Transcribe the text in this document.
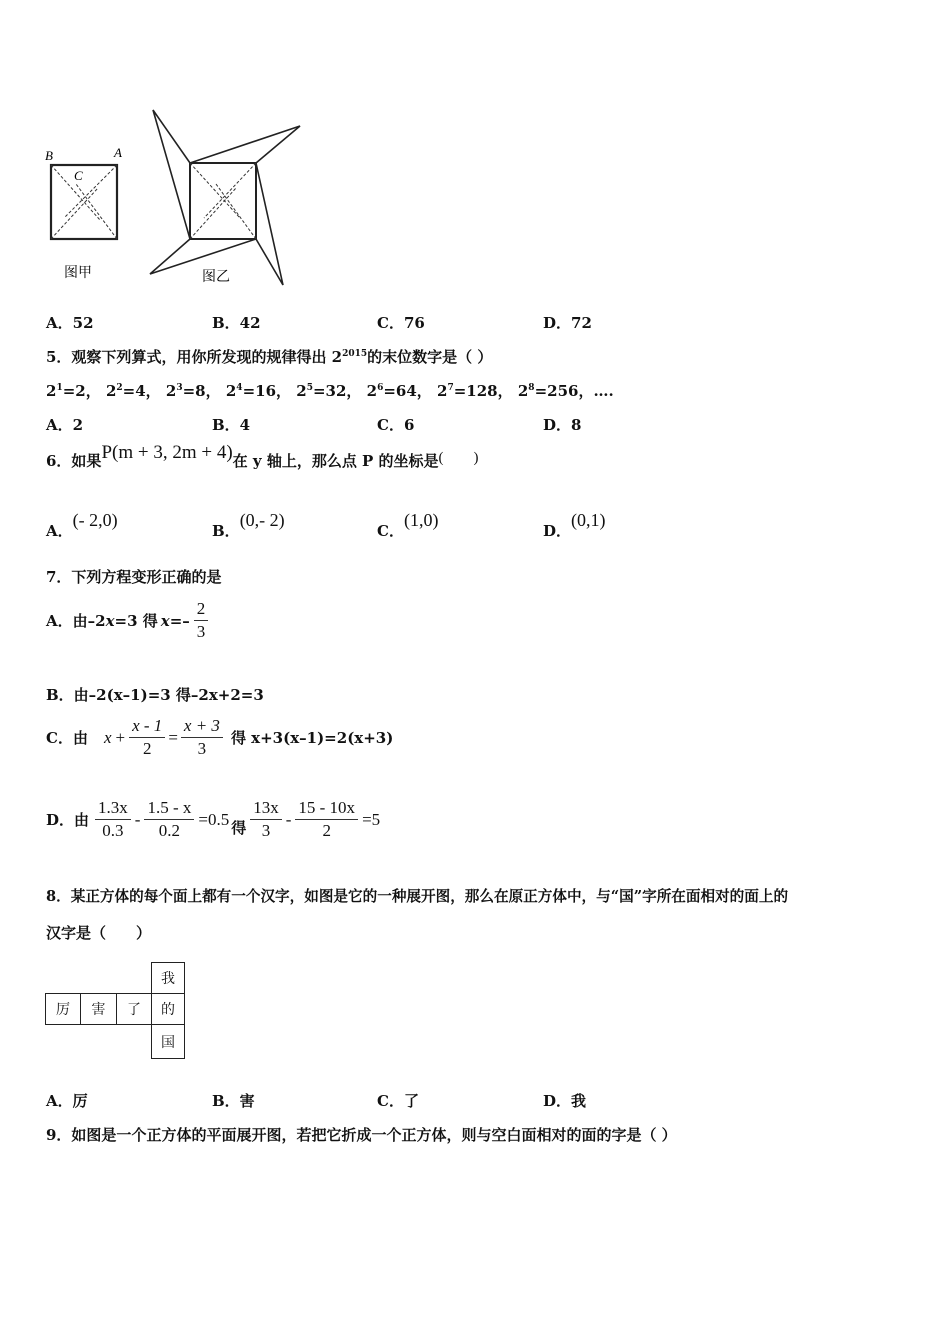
B	A
C
图甲	图乙
A．52	B．42	C．76	D．72
5．观察下列算式，用你所发现的规律得出 $2^{2015}$的末位数字是（ ）
$2^1=2$， $2^2=4$， $2^3=8$， $2^4=16$， $2^5=32$， $2^6=64$， $2^7=128$， $2^8=256$，….
A．2	B．4	C．6	D．8
6．如果P(m + 3, 2m + 4)在 y 轴上，那么点 P 的坐标是(　　)
A．(- 2,0)
B．(0,- 2)
C．(1,0)
D．(0,1)
7．下列方程变形正确的是
A．由–2 x =3 得 $x =- \frac{2}{3}$
B．由–2(x–1)=3 得–2x+2=3
C．由 $x + \frac{x - 1}{2} = \frac{x + 3}{3}$ 得 x+3(x–1)=2(x+3)
D．由 $\frac{1.3x}{0.3} - \frac{1.5 - x}{0.2} =0.5$ 得 $\frac{13x}{3} - \frac{15 - 10x}{2} =5$
8．某正方体的每个面上都有一个汉字，如图是它的一种展开图，那么在原正方体中，与“国”字所在面相对的面上的
汉字是（　　）
我
厉	害	了	的
国
A．厉	B．害	C．了	D．我
9．如图是一个正方体的平面展开图，若把它折成一个正方体，则与空白面相对的面的字是（ ）
